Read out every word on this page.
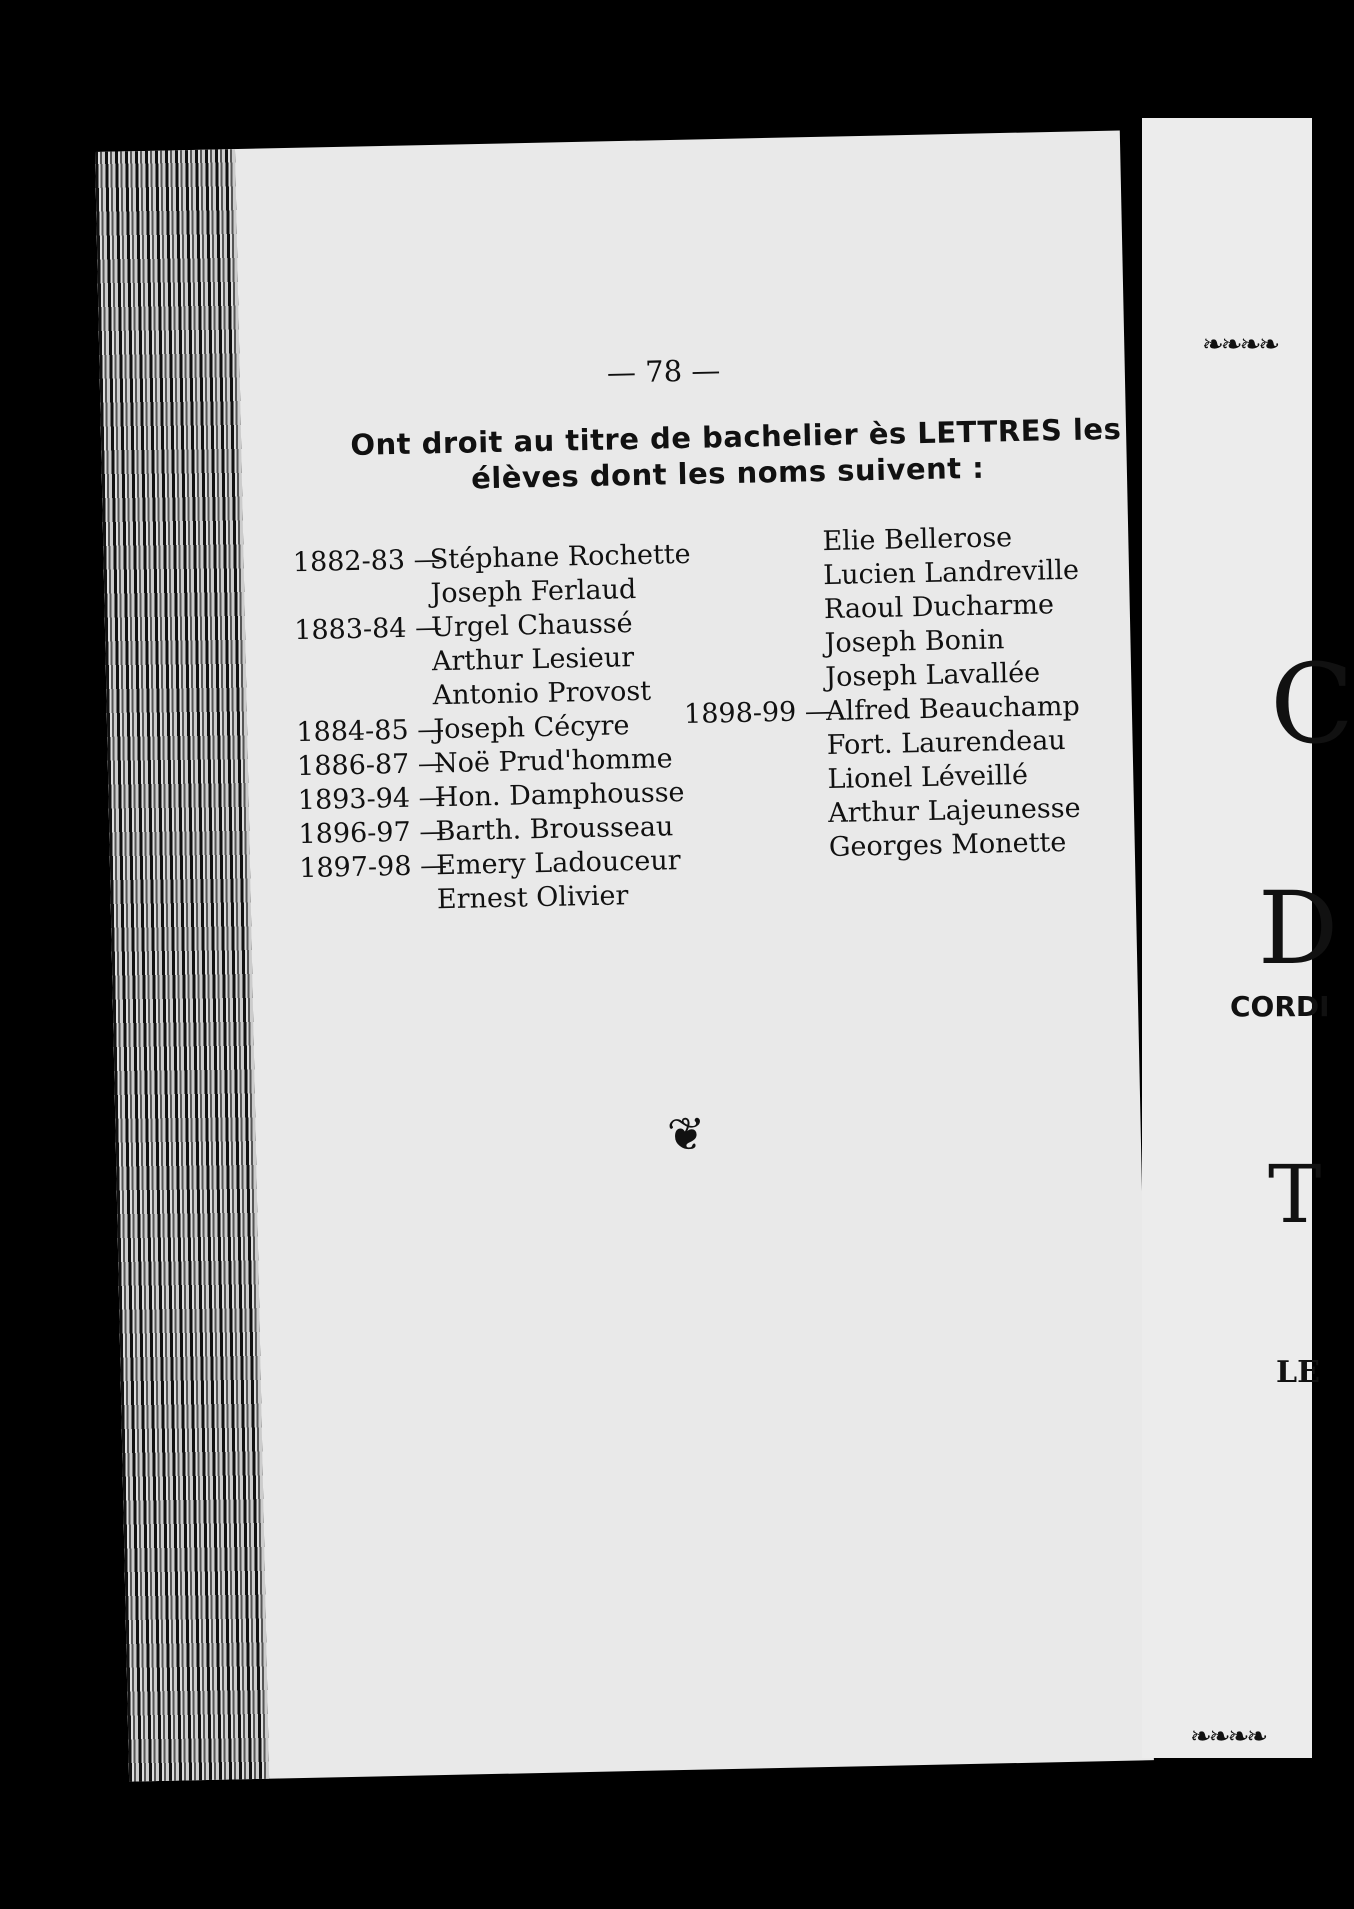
— 78 —
Ont droit au titre de bachelier ès LETTRES les
élèves dont les noms suivent :
1882-83 —
Stéphane Rochette
Joseph Ferlaud
1883-84 —
Urgel Chaussé
Arthur Lesieur
Antonio Provost
1884-85 —
Joseph Cécyre
1886-87 —
Noë Prud'homme
1893-94 —
Hon. Damphousse
1896-97 —
Barth. Brousseau
1897-98 —
Emery Ladouceur
Ernest Olivier
Elie Bellerose
Lucien Landreville
Raoul Ducharme
Joseph Bonin
Joseph Lavallée
1898-99 —
Alfred Beauchamp
Fort. Laurendeau
Lionel Léveillé
Arthur Lajeunesse
Georges Monette
❦
❧❧❧❧
C
D
CORDI
T
LE
❧❧❧❧
